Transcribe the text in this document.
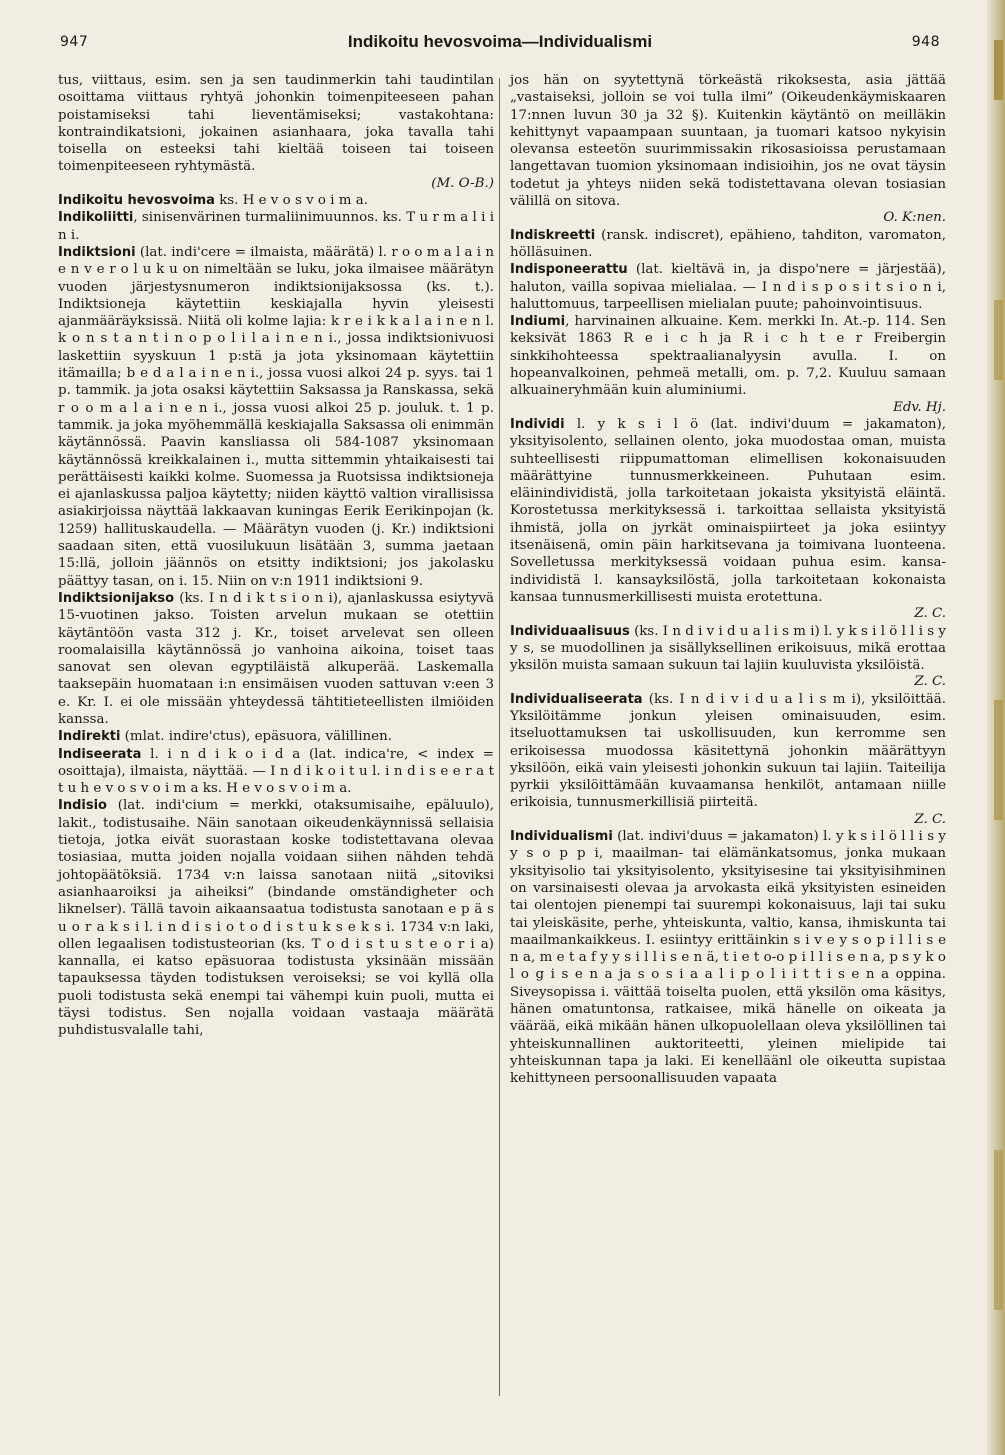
947	Indikoitu hevosvoima—Individualismi	948

tus, viittaus, esim. sen ja sen taudinmerkin tahi taudintilan osoittama viittaus ryhtyä johonkin toimenpiteeseen pahan poistamiseksi tahi lieventämiseksi; vastakohtana: kontraindikatsioni, jokainen asianhaara, joka tavalla tahi toisella on esteeksi tahi kieltää toiseen tai toiseen toimenpiteeseen ryhtymästä.
(M. O-B.)

Indikoitu hevosvoima ks. H e v o s v o i m a.

Indikoliitti, sinisenvärinen turmaliinimuunnos. ks. T u r m a l i i n i.

Indiktsioni (lat. indi'cere = ilmaista, määrätä) l. r o o m a l a i n e n v e r o l u k u on nimeltään se luku, joka ilmaisee määrätyn vuoden järjestysnumeron indiktsionijaksossa (ks. t.). Indiktsioneja käytettiin keskiajalla hyvin yleisesti ajanmääräyksissä. Niitä oli kolme lajia: k r e i k k a l a i n e n l. k o n s t a n t i n o p o l i l a i n e n i., jossa indiktsionivuosi laskettiin syyskuun 1 p:stä ja jota yksinomaan käytettiin itämailla; b e d a l a i n e n i., jossa vuosi alkoi 24 p. syys. tai 1 p. tammik. ja jota osaksi käytettiin Saksassa ja Ranskassa, sekä r o o m a l a i n e n i., jossa vuosi alkoi 25 p. jouluk. t. 1 p. tammik. ja joka myöhemmällä keskiajalla Saksassa oli enimmän käytännössä. Paavin kansliassa oli 584-1087 yksinomaan käytännössä kreikkalainen i., mutta sittemmin yhtaikaisesti tai perättäisesti kaikki kolme. Suomessa ja Ruotsissa indiktsioneja ei ajanlaskussa paljoa käytetty; niiden käyttö valtion virallisissa asiakirjoissa näyttää lakkaavan kuningas Eerik Eerikinpojan (k. 1259) hallituskaudella. — Määrätyn vuoden (j. Kr.) indiktsioni saadaan siten, että vuosilukuun lisätään 3, summa jaetaan 15:llä, jolloin jäännös on etsitty indiktsioni; jos jakolasku päättyy tasan, on i. 15. Niin on v:n 1911 indiktsioni 9.

Indiktsionijakso (ks. I n d i k t s i o n i), ajanlaskussa esiytyvä 15-vuotinen jakso. Toisten arvelun mukaan se otettiin käytäntöön vasta 312 j. Kr., toiset arvelevat sen olleen roomalaisilla käytännössä jo vanhoina aikoina, toiset taas sanovat sen olevan egyptiläistä alkuperää. Laskemalla taaksepäin huomataan i:n ensimäisen vuoden sattuvan v:een 3 e. Kr. I. ei ole missään yhteydessä tähtitieteellisten ilmiöiden kanssa.

Indirekti (mlat. indire'ctus), epäsuora, välillinen.

Indiseerata l. i n d i k o i d a (lat. indica're, < index = osoittaja), ilmaista, näyttää. — I n d i k o i t u l. i n d i s e e r a t t u h e v o s v o i m a ks. H e v o s v o i m a.

Indisio (lat. indi'cium = merkki, otaksumisaihe, epäluulo), lakit., todistusaihe. Näin sanotaan oikeudenkäynnissä sellaisia tietoja, jotka eivät suorastaan koske todistettavana olevaa tosiasiaa, mutta joiden nojalla voidaan siihen nähden tehdä johtopäätöksiä. 1734 v:n laissa sanotaan niitä „sitoviksi asianhaaroiksi ja aiheiksi” (bindande omständigheter och liknelser). Tällä tavoin aikaansaatua todistusta sanotaan e p ä s u o r a k s i l. i n d i s i o t o d i s t u k s e k s i. 1734 v:n laki, ollen legaalisen todistusteorian (ks. T o d i s t u s t e o r i a) kannalla, ei katso epäsuoraa todistusta yksinään missään tapauksessa täyden todistuksen veroiseksi; se voi kyllä olla puoli todistusta sekä enempi tai vähempi kuin puoli, mutta ei täysi todistus. Sen nojalla voidaan vastaaja määrätä puhdistusvalalle tahi,

jos hän on syytettynä törkeästä rikoksesta, asia jättää „vastaiseksi, jolloin se voi tulla ilmi” (Oikeudenkäymiskaaren 17:nnen luvun 30 ja 32 §). Kuitenkin käytäntö on meilläkin kehittynyt vapaampaan suuntaan, ja tuomari katsoo nykyisin olevansa esteetön suurimmissakin rikosasioissa perustamaan langettavan tuomion yksinomaan indisioihin, jos ne ovat täysin todetut ja yhteys niiden sekä todistettavana olevan tosiasian välillä on sitova.
O. K:nen.

Indiskreetti (ransk. indiscret), epähieno, tahditon, varomaton, hölläsuinen.

Indisponeerattu (lat. kieltävä in, ja dispo'nere = järjestää), haluton, vailla sopivaa mielialaa. — I n d i s p o s i t s i o n i, haluttomuus, tarpeellisen mielialan puute; pahoinvointisuus.

Indiumi, harvinainen alkuaine. Kem. merkki In. At.-p. 114. Sen keksivät 1863 R e i c h ja R i c h t e r Freibergin sinkkihohteessa spektraalianalyysin avulla. I. on hopeanvalkoinen, pehmeä metalli, om. p. 7,2. Kuuluu samaan alkuaineryhmään kuin aluminiumi.
Edv. Hj.

Individi l. y k s i l ö (lat. indivi'duum = jakamaton), yksityisolento, sellainen olento, joka muodostaa oman, muista suhteellisesti riippumattoman elimellisen kokonaisuuden määrättyine tunnusmerkkeineen. Puhutaan esim. eläinindividistä, jolla tarkoitetaan jokaista yksityistä eläintä. Korostetussa merkityksessä i. tarkoittaa sellaista yksityistä ihmistä, jolla on jyrkät ominaispiirteet ja joka esiintyy itsenäisenä, omin päin harkitsevana ja toimivana luonteena. Sovelletussa merkityksessä voidaan puhua esim. kansa-individistä l. kansayksilöstä, jolla tarkoitetaan kokonaista kansaa tunnusmerkillisesti muista erotettuna.
Z. C.

Individuaalisuus (ks. I n d i v i d u a l i s m i) l. y k s i l ö l l i s y y s, se muodollinen ja sisällyksellinen erikoisuus, mikä erottaa yksilön muista samaan sukuun tai lajiin kuuluvista yksilöistä.
Z. C.

Individualiseerata (ks. I n d i v i d u a l i s m i), yksilöittää. Yksilöitämme jonkun yleisen ominaisuuden, esim. itseluottamuksen tai uskollisuuden, kun kerromme sen erikoisessa muodossa käsitettynä johonkin määrättyyn yksilöön, eikä vain yleisesti johonkin sukuun tai lajiin. Taiteilija pyrkii yksilöittämään kuvaamansa henkilöt, antamaan niille erikoisia, tunnusmerkillisiä piirteitä.
Z. C.

Individualismi (lat. indivi'duus = jakamaton) l. y k s i l ö l l i s y y s o p p i, maailman- tai elämänkatsomus, jonka mukaan yksityisolio tai yksityisolento, yksityisesine tai yksityisihminen on varsinaisesti olevaa ja arvokasta eikä yksityisten esineiden tai olentojen pienempi tai suurempi kokonaisuus, laji tai suku tai yleiskäsite, perhe, yhteiskunta, valtio, kansa, ihmiskunta tai maailmankaikkeus. I. esiintyy erittäinkin s i v e y s o p i l l i s e n a, m e t a f y y s i l l i s e n ä, t i e t o-o p i l l i s e n a, p s y k o l o g i s e n a ja s o s i a a l i p o l i i t t i s e n a oppina. Siveysopissa i. väittää toiselta puolen, että yksilön oma käsitys, hänen omatuntonsa, ratkaisee, mikä hänelle on oikeata ja väärää, eikä mikään hänen ulkopuolellaan oleva yksilöllinen tai yhteiskunnallinen auktoriteetti, yleinen mielipide tai yhteiskunnan tapa ja laki. Ei kenelläänl ole oikeutta supistaa kehittyneen persoonallisuuden vapaata
